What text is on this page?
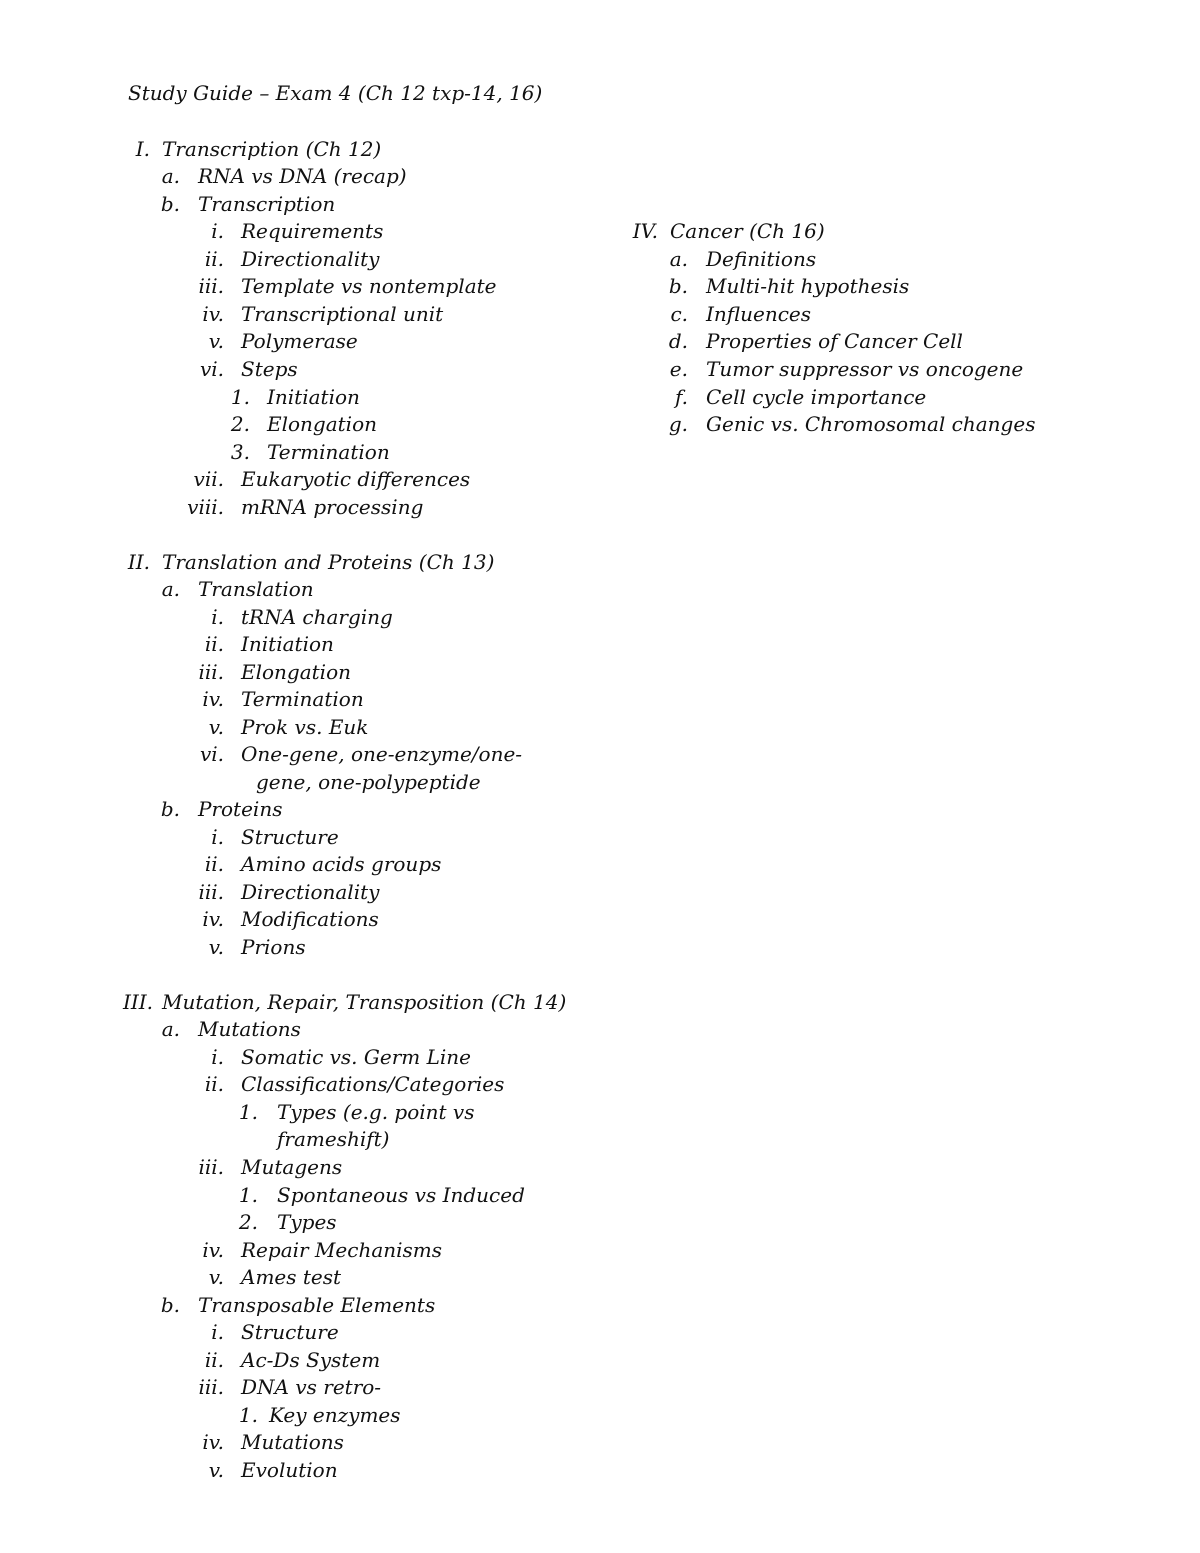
Study Guide – Exam 4 (Ch 12 txp-14, 16)
I. Transcription (Ch 12)
a. RNA vs DNA (recap)
b. Transcription
i. Requirements
ii. Directionality
iii. Template vs nontemplate
iv. Transcriptional unit
v. Polymerase
vi. Steps
1. Initiation
2. Elongation
3. Termination
vii. Eukaryotic differences
viii. mRNA processing
II. Translation and Proteins (Ch 13)
a. Translation
i. tRNA charging
ii. Initiation
iii. Elongation
iv. Termination
v. Prok vs. Euk
vi. One-gene, one-enzyme/one-
gene, one-polypeptide
b. Proteins
i. Structure
ii. Amino acids groups
iii. Directionality
iv. Modifications
v. Prions
III. Mutation, Repair, Transposition (Ch 14)
a. Mutations
i. Somatic vs. Germ Line
ii. Classifications/Categories
1. Types (e.g. point vs
frameshift)
iii. Mutagens
1. Spontaneous vs Induced
2. Types
iv. Repair Mechanisms
v. Ames test
b. Transposable Elements
i. Structure
ii. Ac-Ds System
iii. DNA vs retro-
1. Key enzymes
iv. Mutations
v. Evolution
IV. Cancer (Ch 16)
a. Definitions
b. Multi-hit hypothesis
c. Influences
d. Properties of Cancer Cell
e. Tumor suppressor vs oncogene
f. Cell cycle importance
g. Genic vs. Chromosomal changes
